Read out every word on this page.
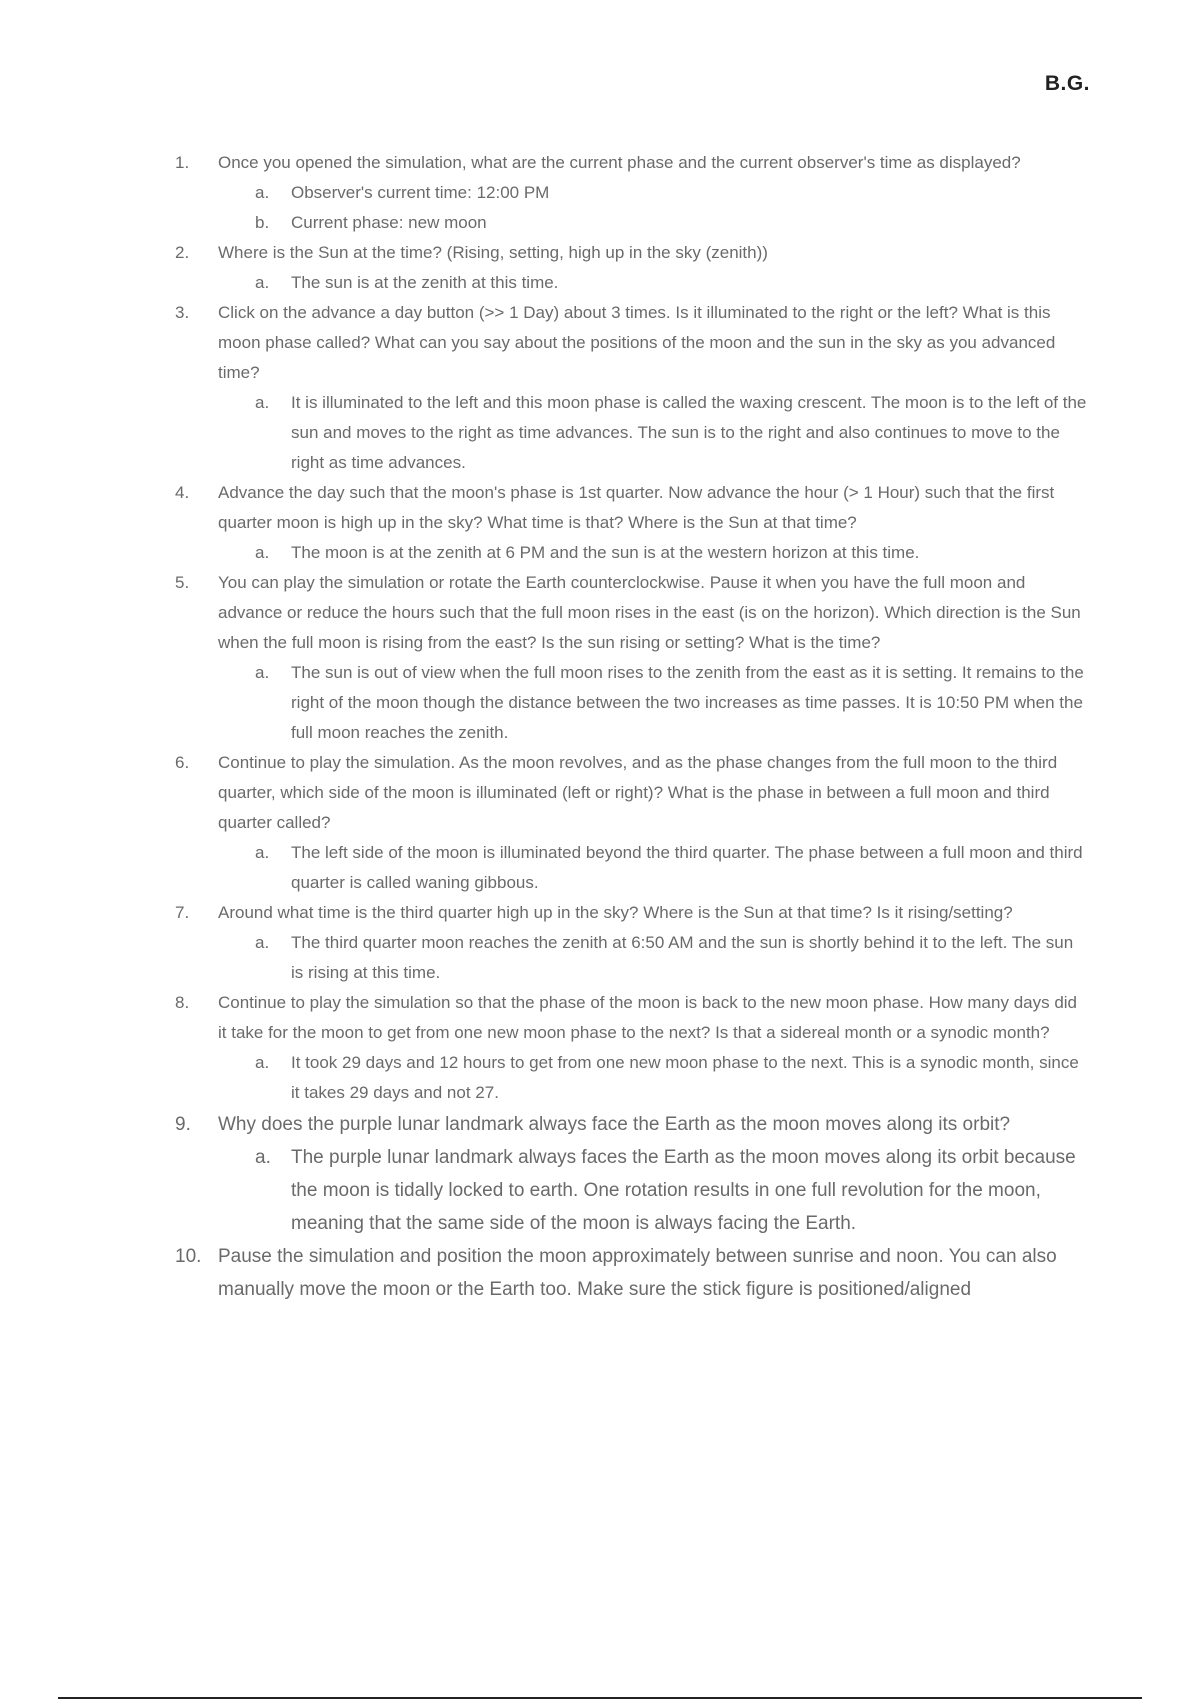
B.G.
1.	Once you opened the simulation, what are the current phase and the current observer's time as displayed?
a. Observer's current time: 12:00 PM
b. Current phase: new moon
2.	Where is the Sun at the time? (Rising, setting, high up in the sky (zenith))
a. The sun is at the zenith at this time.
3.	Click on the advance a day button (>> 1 Day) about 3 times. Is it illuminated to the right or the left? What is this moon phase called? What can you say about the positions of the moon and the sun in the sky as you advanced time?
a. It is illuminated to the left and this moon phase is called the waxing crescent. The moon is to the left of the sun and moves to the right as time advances. The sun is to the right and also continues to move to the right as time advances.
4.	Advance the day such that the moon's phase is 1st quarter. Now advance the hour (> 1 Hour) such that the first quarter moon is high up in the sky? What time is that? Where is the Sun at that time?
a. The moon is at the zenith at 6 PM and the sun is at the western horizon at this time.
5.	You can play the simulation or rotate the Earth counterclockwise. Pause it when you have the full moon and advance or reduce the hours such that the full moon rises in the east (is on the horizon). Which direction is the Sun when the full moon is rising from the east? Is the sun rising or setting? What is the time?
a. The sun is out of view when the full moon rises to the zenith from the east as it is setting. It remains to the right of the moon though the distance between the two increases as time passes. It is 10:50 PM when the full moon reaches the zenith.
6.	Continue to play the simulation. As the moon revolves, and as the phase changes from the full moon to the third quarter, which side of the moon is illuminated (left or right)? What is the phase in between a full moon and third quarter called?
a. The left side of the moon is illuminated beyond the third quarter. The phase between a full moon and third quarter is called waning gibbous.
7.	Around what time is the third quarter high up in the sky? Where is the Sun at that time? Is it rising/setting?
a. The third quarter moon reaches the zenith at 6:50 AM and the sun is shortly behind it to the left. The sun is rising at this time.
8.	Continue to play the simulation so that the phase of the moon is back to the new moon phase. How many days did it take for the moon to get from one new moon phase to the next? Is that a sidereal month or a synodic month?
a. It took 29 days and 12 hours to get from one new moon phase to the next. This is a synodic month, since it takes 29 days and not 27.
9.	Why does the purple lunar landmark always face the Earth as the moon moves along its orbit?
a. The purple lunar landmark always faces the Earth as the moon moves along its orbit because the moon is tidally locked to earth. One rotation results in one full revolution for the moon, meaning that the same side of the moon is always facing the Earth.
10. Pause the simulation and position the moon approximately between sunrise and noon. You can also manually move the moon or the Earth too. Make sure the stick figure is positioned/aligned
